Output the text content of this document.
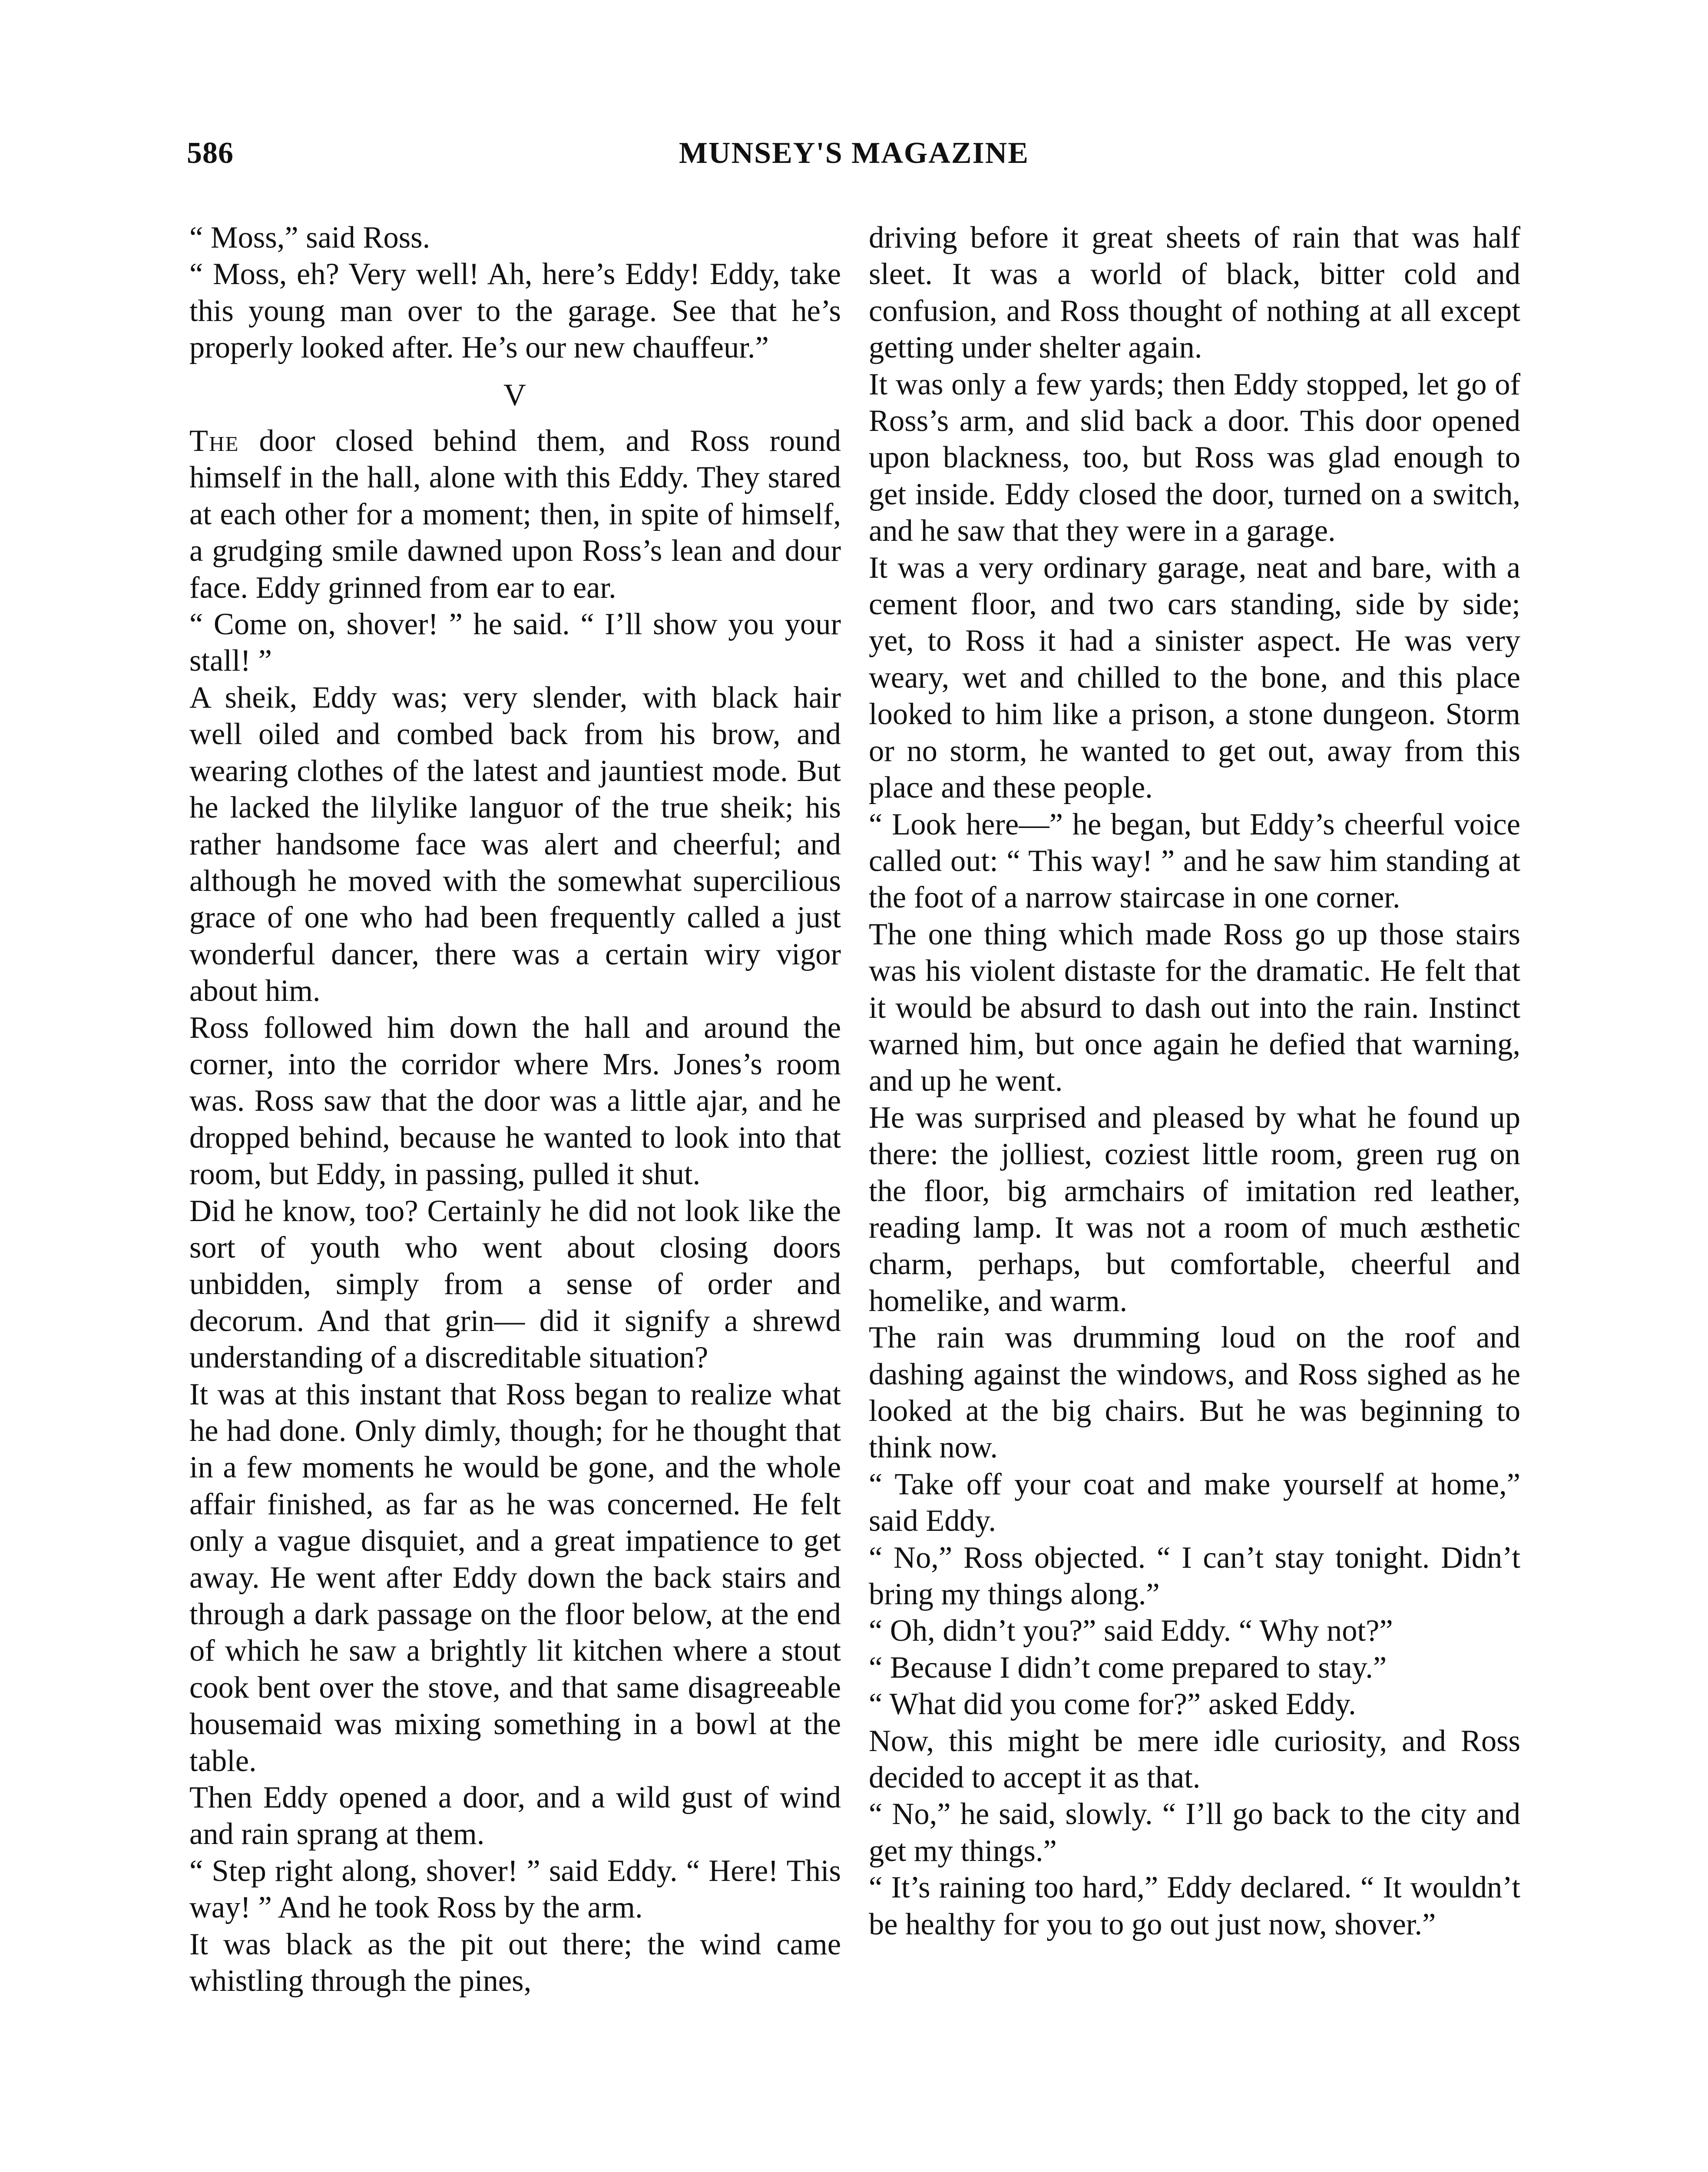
586	MUNSEY'S MAGAZINE

“ Moss,” said Ross.

“ Moss, eh? Very well! Ah, here’s Eddy! Eddy, take this young man over to the garage. See that he’s properly looked after. He’s our new chauffeur.”

V

The door closed behind them, and Ross round himself in the hall, alone with this Eddy. They stared at each other for a moment; then, in spite of himself, a grudging smile dawned upon Ross’s lean and dour face. Eddy grinned from ear to ear.

“ Come on, shover! ” he said. “ I’ll show you your stall! ”

A sheik, Eddy was; very slender, with black hair well oiled and combed back from his brow, and wearing clothes of the latest and jauntiest mode. But he lacked the lilylike languor of the true sheik; his rather handsome face was alert and cheerful; and although he moved with the somewhat supercilious grace of one who had been frequently called a just wonderful dancer, there was a certain wiry vigor about him.

Ross followed him down the hall and around the corner, into the corridor where Mrs. Jones’s room was. Ross saw that the door was a little ajar, and he dropped behind, because he wanted to look into that room, but Eddy, in passing, pulled it shut.

Did he know, too? Certainly he did not look like the sort of youth who went about closing doors unbidden, simply from a sense of order and decorum. And that grin— did it signify a shrewd understanding of a discreditable situation?

It was at this instant that Ross began to realize what he had done. Only dimly, though; for he thought that in a few moments he would be gone, and the whole affair finished, as far as he was concerned. He felt only a vague disquiet, and a great impatience to get away. He went after Eddy down the back stairs and through a dark passage on the floor below, at the end of which he saw a brightly lit kitchen where a stout cook bent over the stove, and that same disagreeable housemaid was mixing something in a bowl at the table.

Then Eddy opened a door, and a wild gust of wind and rain sprang at them.

“ Step right along, shover! ” said Eddy. “ Here! This way! ” And he took Ross by the arm.

It was black as the pit out there; the wind came whistling through the pines,

driving before it great sheets of rain that was half sleet. It was a world of black, bitter cold and confusion, and Ross thought of nothing at all except getting under shelter again.

It was only a few yards; then Eddy stopped, let go of Ross’s arm, and slid back a door. This door opened upon blackness, too, but Ross was glad enough to get inside. Eddy closed the door, turned on a switch, and he saw that they were in a garage.

It was a very ordinary garage, neat and bare, with a cement floor, and two cars standing, side by side; yet, to Ross it had a sinister aspect. He was very weary, wet and chilled to the bone, and this place looked to him like a prison, a stone dungeon. Storm or no storm, he wanted to get out, away from this place and these people.

“ Look here—” he began, but Eddy’s cheerful voice called out: “ This way! ” and he saw him standing at the foot of a narrow staircase in one corner.

The one thing which made Ross go up those stairs was his violent distaste for the dramatic. He felt that it would be absurd to dash out into the rain. Instinct warned him, but once again he defied that warning, and up he went.

He was surprised and pleased by what he found up there: the jolliest, coziest little room, green rug on the floor, big armchairs of imitation red leather, reading lamp. It was not a room of much æsthetic charm, perhaps, but comfortable, cheerful and homelike, and warm.

The rain was drumming loud on the roof and dashing against the windows, and Ross sighed as he looked at the big chairs. But he was beginning to think now.

“ Take off your coat and make yourself at home,” said Eddy.

“ No,” Ross objected. “ I can’t stay tonight. Didn’t bring my things along.”

“ Oh, didn’t you?” said Eddy. “ Why not?”

“ Because I didn’t come prepared to stay.”

“ What did you come for?” asked Eddy.

Now, this might be mere idle curiosity, and Ross decided to accept it as that.

“ No,” he said, slowly. “ I’ll go back to the city and get my things.”

“ It’s raining too hard,” Eddy declared. “ It wouldn’t be healthy for you to go out just now, shover.”
